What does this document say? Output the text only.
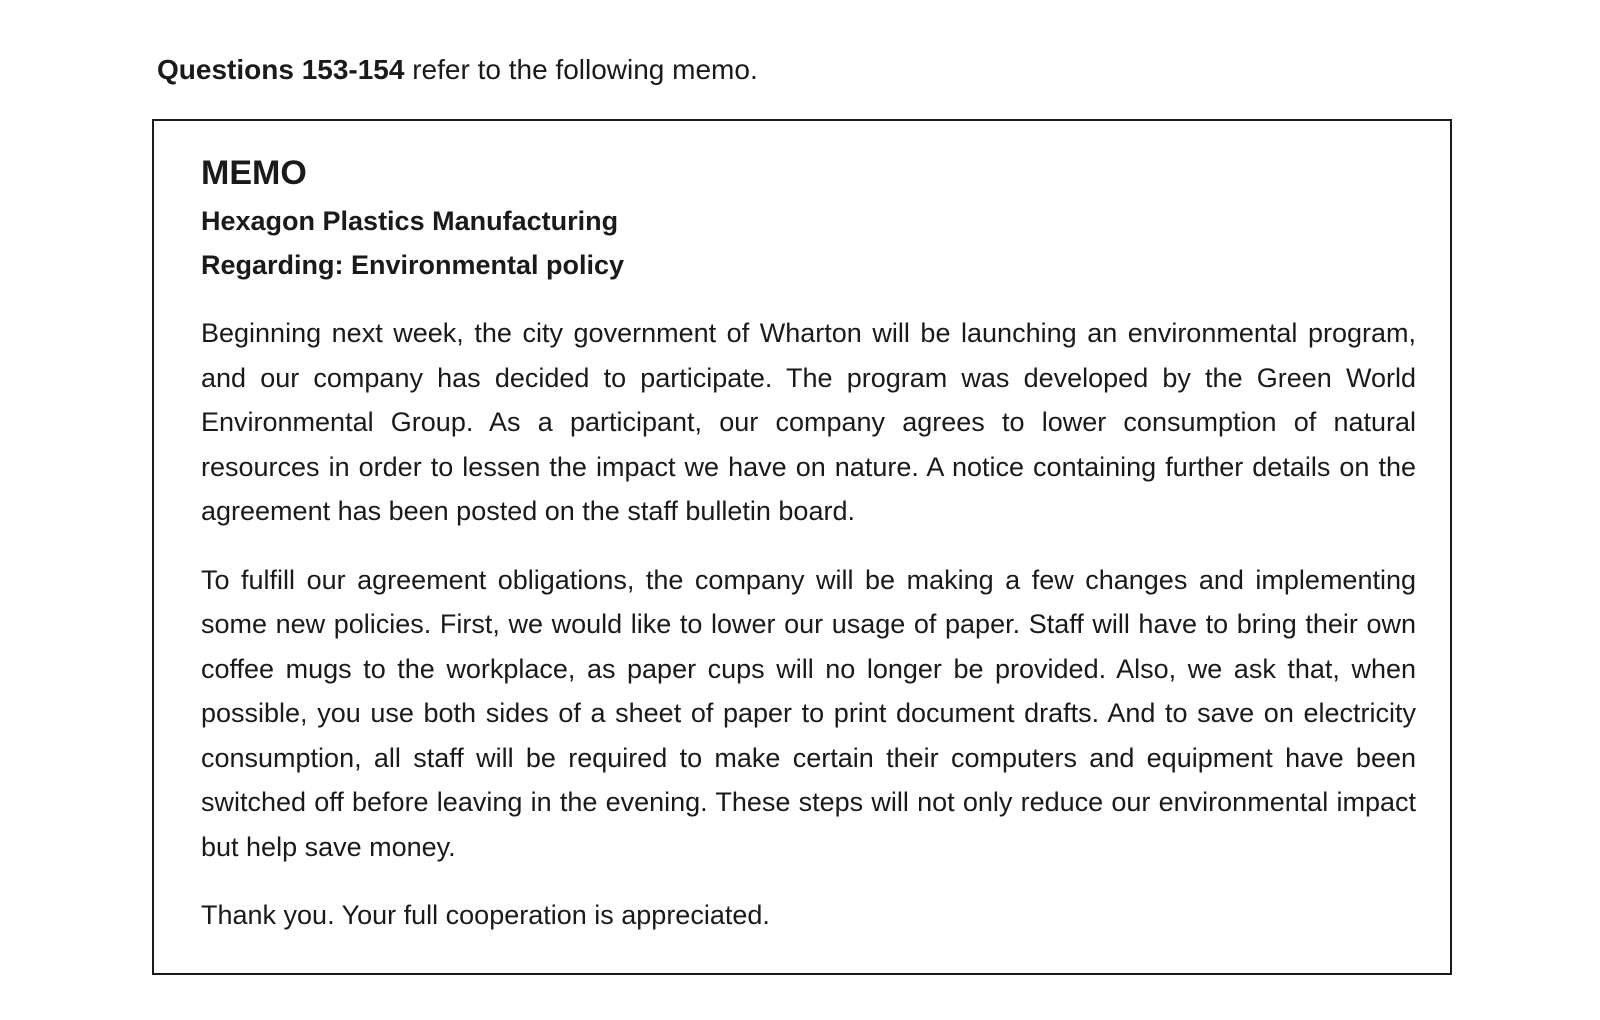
Questions 153-154 refer to the following memo.
MEMO
Hexagon Plastics Manufacturing
Regarding: Environmental policy

Beginning next week, the city government of Wharton will be launching an environmental program, and our company has decided to participate. The program was developed by the Green World Environmental Group. As a participant, our company agrees to lower consumption of natural resources in order to lessen the impact we have on nature. A notice containing further details on the agreement has been posted on the staff bulletin board.

To fulfill our agreement obligations, the company will be making a few changes and implementing some new policies. First, we would like to lower our usage of paper. Staff will have to bring their own coffee mugs to the workplace, as paper cups will no longer be provided. Also, we ask that, when possible, you use both sides of a sheet of paper to print document drafts. And to save on electricity consumption, all staff will be required to make certain their computers and equipment have been switched off before leaving in the evening. These steps will not only reduce our environmental impact but help save money.

Thank you. Your full cooperation is appreciated.
